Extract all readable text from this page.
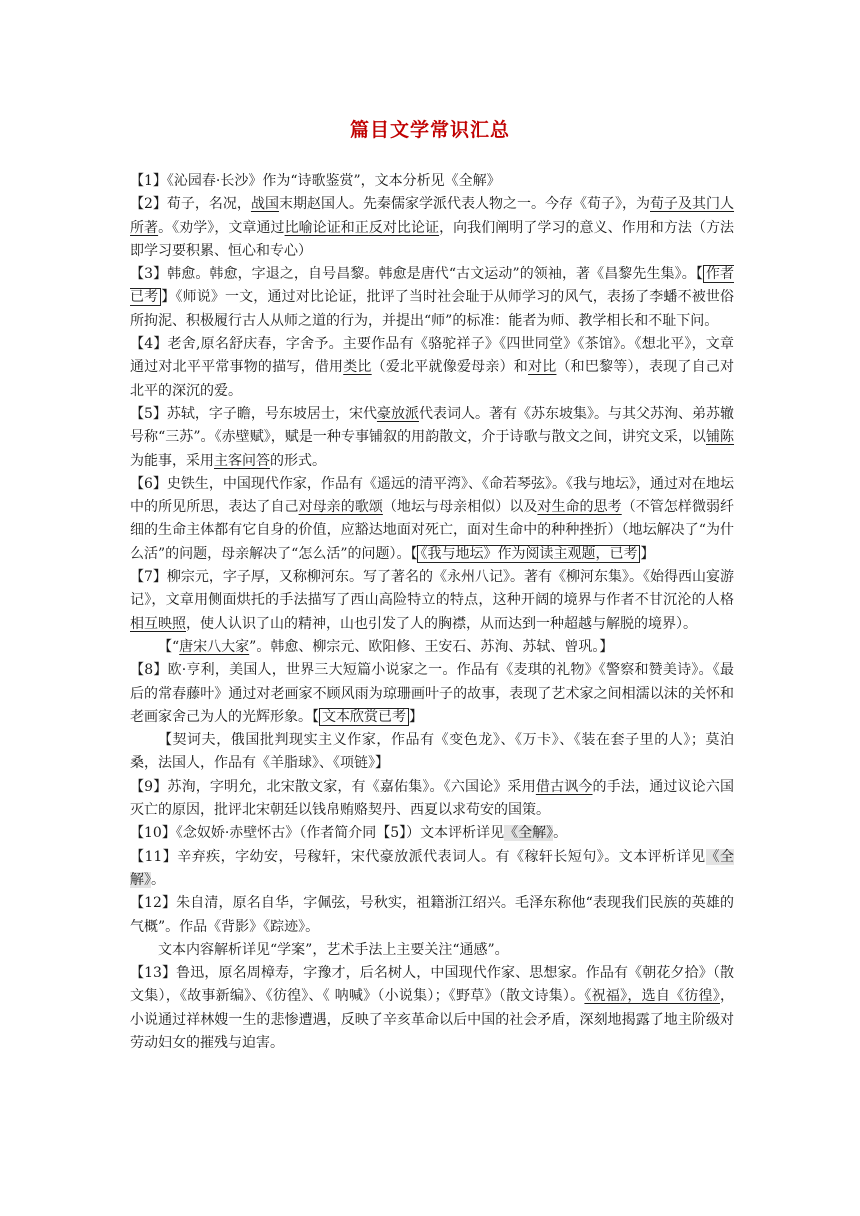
篇目文学常识汇总

【1】《沁园春·长沙》作为“诗歌鉴赏”，文本分析见《全解》

【2】荀子，名况，战国末期赵国人。先秦儒家学派代表人物之一。今存《荀子》，为荀子及其门人所著。《劝学》，文章通过比喻论证和正反对比论证，向我们阐明了学习的意义、作用和方法（方法即学习要积累、恒心和专心）

【3】韩愈。韩愈，字退之，自号昌黎。韩愈是唐代“古文运动”的领袖，著《昌黎先生集》。【 作者已考 】《师说》一文，通过对比论证，批评了当时社会耻于从师学习的风气，表扬了李蟠不被世俗所拘泥、积极履行古人从师之道的行为，并提出“师”的标准：能者为师、教学相长和不耻下问。

【4】老舍,原名舒庆春，字舍予。主要作品有《骆驼祥子》《四世同堂》《茶馆》。《想北平》，文章通过对北平平常事物的描写，借用类比（爱北平就像爱母亲）和对比（和巴黎等），表现了自己对北平的深沉的爱。

【5】苏轼，字子瞻，号东坡居士，宋代豪放派代表词人。著有《苏东坡集》。与其父苏洵、弟苏辙号称“三苏”。《赤壁赋》，赋是一种专事铺叙的用韵散文，介于诗歌与散文之间，讲究文采，以铺陈为能事，采用主客问答的形式。

【6】史铁生，中国现代作家，作品有《遥远的清平湾》、《命若琴弦》。《我与地坛》，通过对在地坛中的所见所思，表达了自己对母亲的歌颂（地坛与母亲相似）以及对生命的思考（不管怎样微弱纤细的生命主体都有它自身的价值，应豁达地面对死亡，面对生命中的种种挫折）（地坛解决了“为什么活”的问题，母亲解决了“怎么活”的问题）。【 《我与地坛》作为阅读主观题，已考 】

【7】柳宗元，字子厚，又称柳河东。写了著名的《永州八记》。著有《柳河东集》。《始得西山宴游记》，文章用侧面烘托的手法描写了西山高险特立的特点，这种开阔的境界与作者不甘沉沦的人格相互映照，使人认识了山的精神，山也引发了人的胸襟，从而达到一种超越与解脱的境界）。

【“唐宋八大家”。韩愈、柳宗元、欧阳修、王安石、苏洵、苏轼、曾巩。】

【8】欧·亨利，美国人，世界三大短篇小说家之一。作品有《麦琪的礼物》《警察和赞美诗》。《最后的常春藤叶》通过对老画家不顾风雨为琼珊画叶子的故事，表现了艺术家之间相濡以沫的关怀和老画家舍己为人的光辉形象。【 文本欣赏已考 】

【契诃夫，俄国批判现实主义作家，作品有《变色龙》、《万卡》、《装在套子里的人》；莫泊桑，法国人，作品有《羊脂球》、《项链》】

【9】苏洵，字明允，北宋散文家，有《嘉佑集》。《六国论》采用借古讽今的手法，通过议论六国灭亡的原因，批评北宋朝廷以钱帛贿赂契丹、西夏以求苟安的国策。

【10】《念奴娇·赤壁怀古》（作者简介同【5】）文本评析详见《全解》。

【11】辛弃疾，字幼安，号稼轩，宋代豪放派代表词人。有《稼轩长短句》。文本评析详见《全解》。

【12】朱自清，原名自华，字佩弦，号秋实，祖籍浙江绍兴。毛泽东称他“表现我们民族的英雄的气概”。作品《背影》《踪迹》。

文本内容解析详见“学案”，艺术手法上主要关注“通感”。

【13】鲁迅，原名周樟寿，字豫才，后名树人，中国现代作家、思想家。作品有《朝花夕拾》（散文集），《故事新编》、《彷徨》、《 呐喊》（小说集）；《野草》（散文诗集）。《祝福》，选自《彷徨》，小说通过祥林嫂一生的悲惨遭遇，反映了辛亥革命以后中国的社会矛盾，深刻地揭露了地主阶级对劳动妇女的摧残与迫害。
